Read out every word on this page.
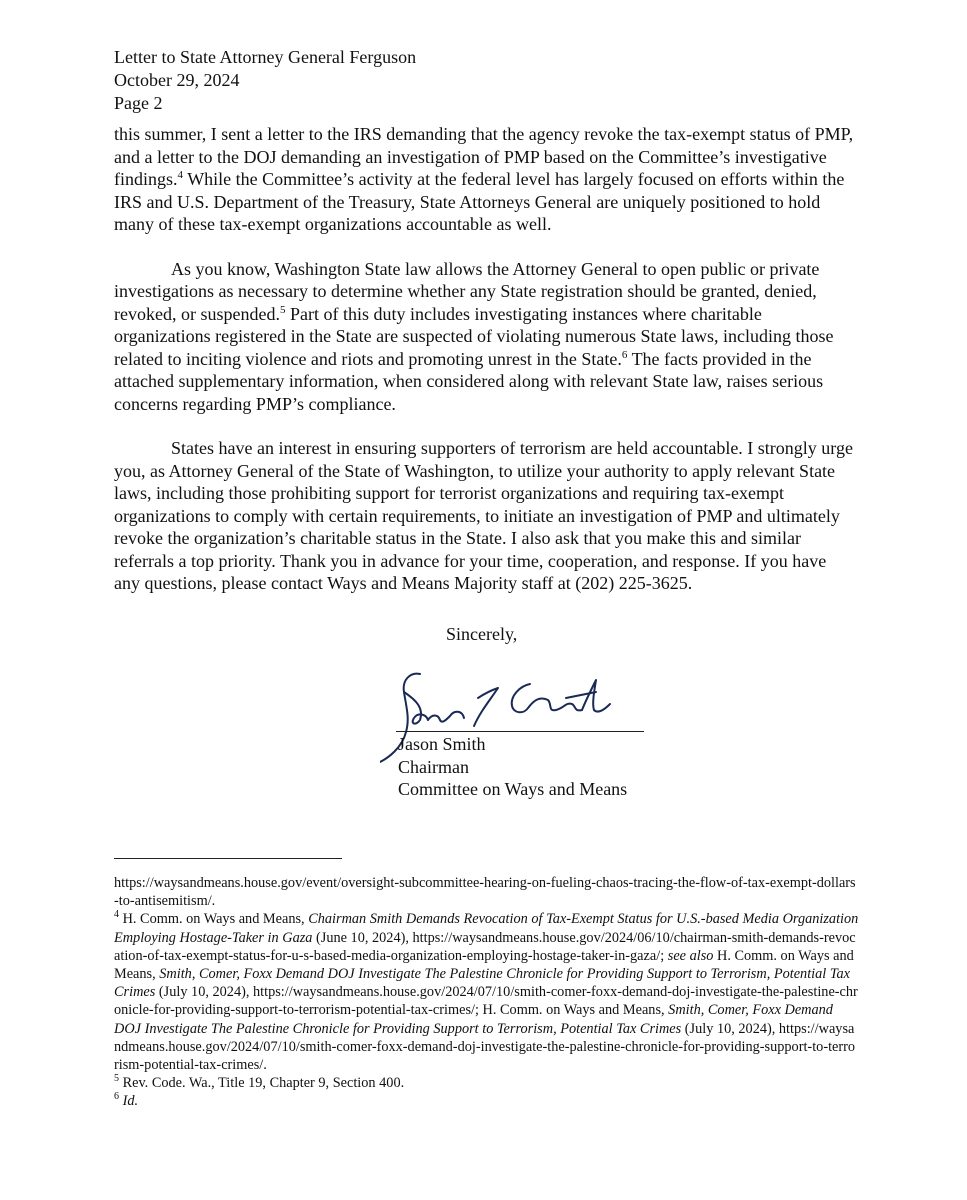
Letter to State Attorney General Ferguson
October 29, 2024
Page 2

this summer, I sent a letter to the IRS demanding that the agency revoke the tax-exempt status of PMP, and a letter to the DOJ demanding an investigation of PMP based on the Committee’s investigative findings.$^4$ While the Committee’s activity at the federal level has largely focused on efforts within the IRS and U.S. Department of the Treasury, State Attorneys General are uniquely positioned to hold many of these tax-exempt organizations accountable as well.

As you know, Washington State law allows the Attorney General to open public or private investigations as necessary to determine whether any State registration should be granted, denied, revoked, or suspended.$^5$ Part of this duty includes investigating instances where charitable organizations registered in the State are suspected of violating numerous State laws, including those related to inciting violence and riots and promoting unrest in the State.$^6$ The facts provided in the attached supplementary information, when considered along with relevant State law, raises serious concerns regarding PMP’s compliance.

States have an interest in ensuring supporters of terrorism are held accountable. I strongly urge you, as Attorney General of the State of Washington, to utilize your authority to apply relevant State laws, including those prohibiting support for terrorist organizations and requiring tax-exempt organizations to comply with certain requirements, to initiate an investigation of PMP and ultimately revoke the organization’s charitable status in the State. I also ask that you make this and similar referrals a top priority. Thank you in advance for your time, cooperation, and response. If you have any questions, please contact Ways and Means Majority staff at (202) 225-3625.

Sincerely,
Jason Smith
Chairman
Committee on Ways and Means
https://waysandmeans.house.gov/event/oversight-subcommittee-hearing-on-fueling-chaos-tracing-the-flow-of-tax-exempt-dollars-to-antisemitism/.
$^4$ H. Comm. on Ways and Means, Chairman Smith Demands Revocation of Tax-Exempt Status for U.S.-based Media Organization Employing Hostage-Taker in Gaza (June 10, 2024), https://waysandmeans.house.gov/2024/06/10/chairman-smith-demands-revocation-of-tax-exempt-status-for-u-s-based-media-organization-employing-hostage-taker-in-gaza/; see also H. Comm. on Ways and Means, Smith, Comer, Foxx Demand DOJ Investigate The Palestine Chronicle for Providing Support to Terrorism, Potential Tax Crimes (July 10, 2024), https://waysandmeans.house.gov/2024/07/10/smith-comer-foxx-demand-doj-investigate-the-palestine-chronicle-for-providing-support-to-terrorism-potential-tax-crimes/; H. Comm. on Ways and Means, Smith, Comer, Foxx Demand DOJ Investigate The Palestine Chronicle for Providing Support to Terrorism, Potential Tax Crimes (July 10, 2024), https://waysandmeans.house.gov/2024/07/10/smith-comer-foxx-demand-doj-investigate-the-palestine-chronicle-for-providing-support-to-terrorism-potential-tax-crimes/.
$^5$ Rev. Code. Wa., Title 19, Chapter 9, Section 400.
$^6$ Id.
